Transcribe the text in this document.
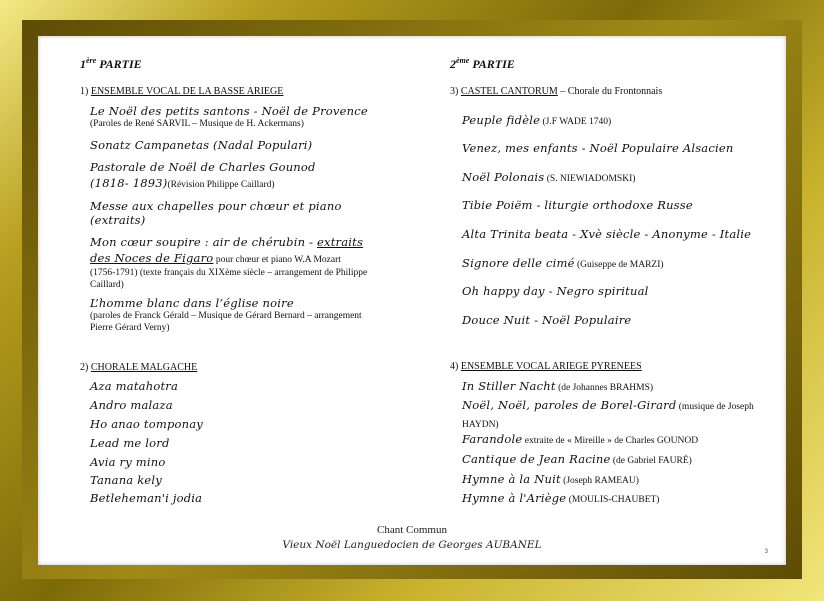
1ère PARTIE
1) ENSEMBLE VOCAL DE LA BASSE ARIEGE
Le Noël des petits santons - Noël de Provence
(Paroles de René SARVIL – Musique de H. Ackermans)
Sonatz Campanetas (Nadal Populari)
Pastorale de Noël de Charles Gounod
(1818- 1893)(Révision Philippe Caillard)
Messe aux chapelles pour chœur et piano
(extraits)
Mon cœur soupire : air de chérubin - extraits
des Noces de Figaro pour chœur et piano W.A Mozart
(1756-1791) (texte français du XIXème siècle – arrangement de Philippe Caillard)
L’homme blanc dans l’église noire
(paroles de Franck Gérald – Musique de Gérard Bernard – arrangement Pierre Gérard Verny)
2) CHORALE MALGACHE
Aza matahotra
Andro malaza
Ho anao tomponay
Lead me lord
Avia ry mino
Tanana kely
Betleheman'i jodia
2ème PARTIE
3) CASTEL CANTORUM – Chorale du Frontonnais
Peuple fidèle (J.F WADE 1740)
Venez, mes enfants - Noël Populaire Alsacien
Noël Polonais (S. NIEWIADOMSKI)
Tibie Poiëm - liturgie orthodoxe Russe
Alta Trinita beata - Xvè siècle - Anonyme - Italie
Signore delle cimé (Guiseppe de MARZI)
Oh happy day - Negro spiritual
Douce Nuit - Noël Populaire
4) ENSEMBLE VOCAL ARIEGE PYRENEES
In Stiller Nacht (de Johannes BRAHMS)
Noël, Noël, paroles de Borel-Girard (musique de Joseph HAYDN)
Farandole extraite de « Mireille » de Charles GOUNOD
Cantique de Jean Racine (de Gabriel FAURÉ)
Hymne à la Nuit (Joseph RAMEAU)
Hymne à l'Ariège (MOULIS-CHAUBET)
Chant Commun
Vieux Noël Languedocien de Georges AUBANEL
3
